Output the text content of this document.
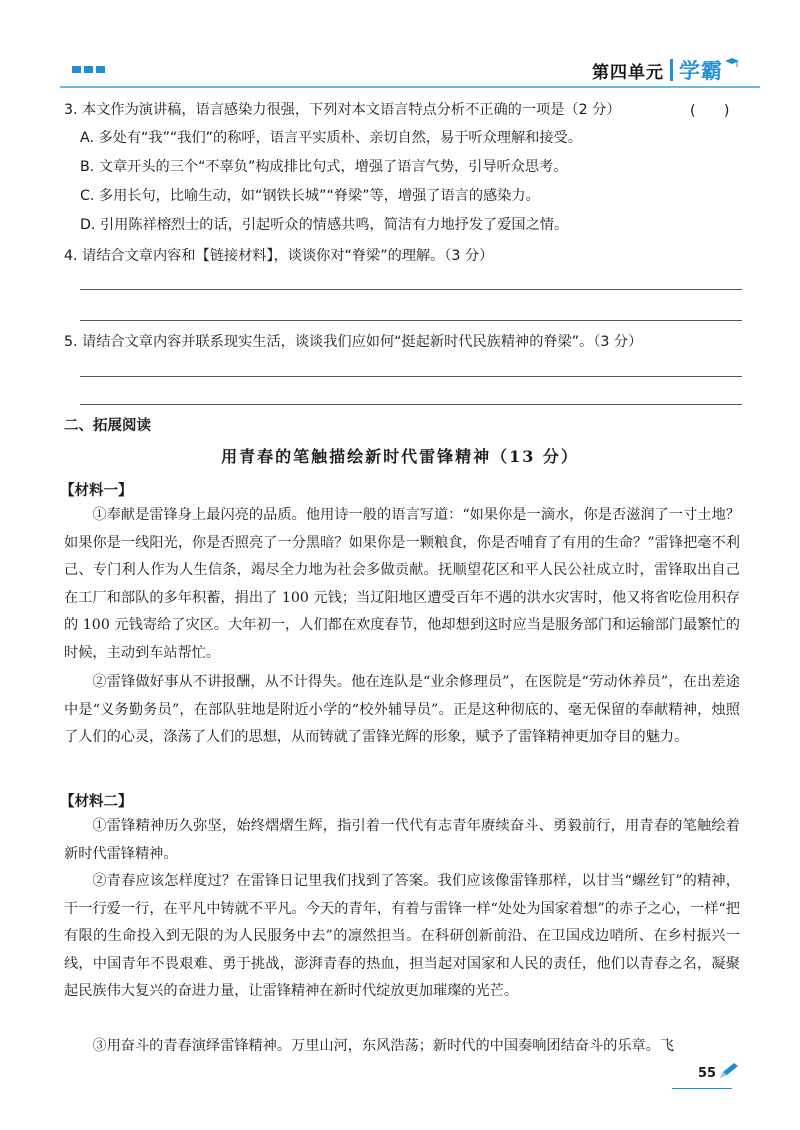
第四单元 学霸
3. 本文作为演讲稿，语言感染力很强，下列对本文语言特点分析不正确的一项是（2 分）	(　　)
A. 多处有“我”“我们”的称呼，语言平实质朴、亲切自然，易于听众理解和接受。
B. 文章开头的三个“不辜负”构成排比句式，增强了语言气势，引导听众思考。
C. 多用长句，比喻生动，如“钢铁长城”“脊梁”等，增强了语言的感染力。
D. 引用陈祥榕烈士的话，引起听众的情感共鸣，简洁有力地抒发了爱国之情。
4. 请结合文章内容和【链接材料】，谈谈你对“脊梁”的理解。（3 分）
5. 请结合文章内容并联系现实生活，谈谈我们应如何“挺起新时代民族精神的脊梁”。（3 分）
二、拓展阅读
用青春的笔触描绘新时代雷锋精神（13 分）
【材料一】
①奉献是雷锋身上最闪亮的品质。他用诗一般的语言写道：“如果你是一滴水，你是否滋润了一寸土地？如果你是一线阳光，你是否照亮了一分黑暗？如果你是一颗粮食，你是否哺育了有用的生命？”雷锋把毫不利己、专门利人作为人生信条，竭尽全力地为社会多做贡献。抚顺望花区和平人民公社成立时，雷锋取出自己在工厂和部队的多年积蓄，捐出了 100 元钱；当辽阳地区遭受百年不遇的洪水灾害时，他又将省吃俭用积存的 100 元钱寄给了灾区。大年初一，人们都在欢度春节，他却想到这时应当是服务部门和运输部门最繁忙的时候，主动到车站帮忙。
②雷锋做好事从不讲报酬，从不计得失。他在连队是“业余修理员”，在医院是“劳动休养员”，在出差途中是“义务勤务员”，在部队驻地是附近小学的“校外辅导员”。正是这种彻底的、毫无保留的奉献精神，烛照了人们的心灵，涤荡了人们的思想，从而铸就了雷锋光辉的形象，赋予了雷锋精神更加夺目的魅力。
【材料二】
①雷锋精神历久弥坚，始终熠熠生辉，指引着一代代有志青年赓续奋斗、勇毅前行，用青春的笔触绘着新时代雷锋精神。
②青春应该怎样度过？在雷锋日记里我们找到了答案。我们应该像雷锋那样，以甘当“螺丝钉”的精神，干一行爱一行，在平凡中铸就不平凡。今天的青年，有着与雷锋一样“处处为国家着想”的赤子之心，一样“把有限的生命投入到无限的为人民服务中去”的凛然担当。在科研创新前沿、在卫国戍边哨所、在乡村振兴一线，中国青年不畏艰难、勇于挑战，澎湃青春的热血，担当起对国家和人民的责任，他们以青春之名，凝聚起民族伟大复兴的奋进力量，让雷锋精神在新时代绽放更加璀璨的光芒。
③用奋斗的青春演绎雷锋精神。万里山河，东风浩荡；新时代的中国奏响团结奋斗的乐章。飞
55
